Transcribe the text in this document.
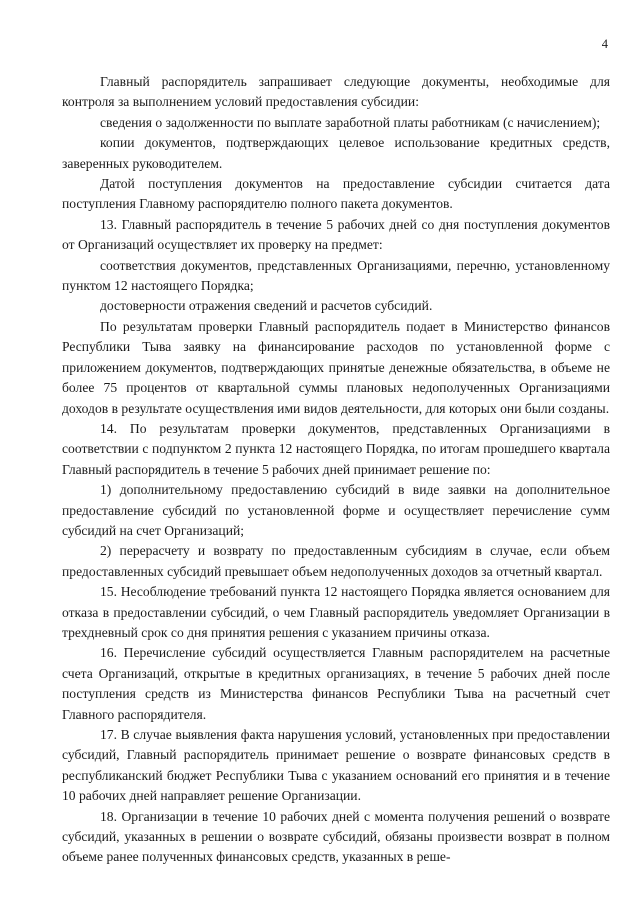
4

Главный распорядитель запрашивает следующие документы, необходимые для контроля за выполнением условий предоставления субсидии:

сведения о задолженности по выплате заработной платы работникам (с начислением);

копии документов, подтверждающих целевое использование кредитных средств, заверенных руководителем.

Датой поступления документов на предоставление субсидии считается дата поступления Главному распорядителю полного пакета документов.

13. Главный распорядитель в течение 5 рабочих дней со дня поступления документов от Организаций осуществляет их проверку на предмет:

соответствия документов, представленных Организациями, перечню, установленному пунктом 12 настоящего Порядка;

достоверности отражения сведений и расчетов субсидий.

По результатам проверки Главный распорядитель подает в Министерство финансов Республики Тыва заявку на финансирование расходов по установленной форме с приложением документов, подтверждающих принятые денежные обязательства, в объеме не более 75 процентов от квартальной суммы плановых недополученных Организациями доходов в результате осуществления ими видов деятельности, для которых они были созданы.

14. По результатам проверки документов, представленных Организациями в соответствии с подпунктом 2 пункта 12 настоящего Порядка, по итогам прошедшего квартала Главный распорядитель в течение 5 рабочих дней принимает решение по:

1) дополнительному предоставлению субсидий в виде заявки на дополнительное предоставление субсидий по установленной форме и осуществляет перечисление сумм субсидий на счет Организаций;

2) перерасчету и возврату по предоставленным субсидиям в случае, если объем предоставленных субсидий превышает объем недополученных доходов за отчетный квартал.

15. Несоблюдение требований пункта 12 настоящего Порядка является основанием для отказа в предоставлении субсидий, о чем Главный распорядитель уведомляет Организации в трехдневный срок со дня принятия решения с указанием причины отказа.

16. Перечисление субсидий осуществляется Главным распорядителем на расчетные счета Организаций, открытые в кредитных организациях, в течение 5 рабочих дней после поступления средств из Министерства финансов Республики Тыва на расчетный счет Главного распорядителя.

17. В случае выявления факта нарушения условий, установленных при предоставлении субсидий, Главный распорядитель принимает решение о возврате финансовых средств в республиканский бюджет Республики Тыва с указанием оснований его принятия и в течение 10 рабочих дней направляет решение Организации.

18. Организации в течение 10 рабочих дней с момента получения решений о возврате субсидий, указанных в решении о возврате субсидий, обязаны произвести возврат в полном объеме ранее полученных финансовых средств, указанных в реше-
